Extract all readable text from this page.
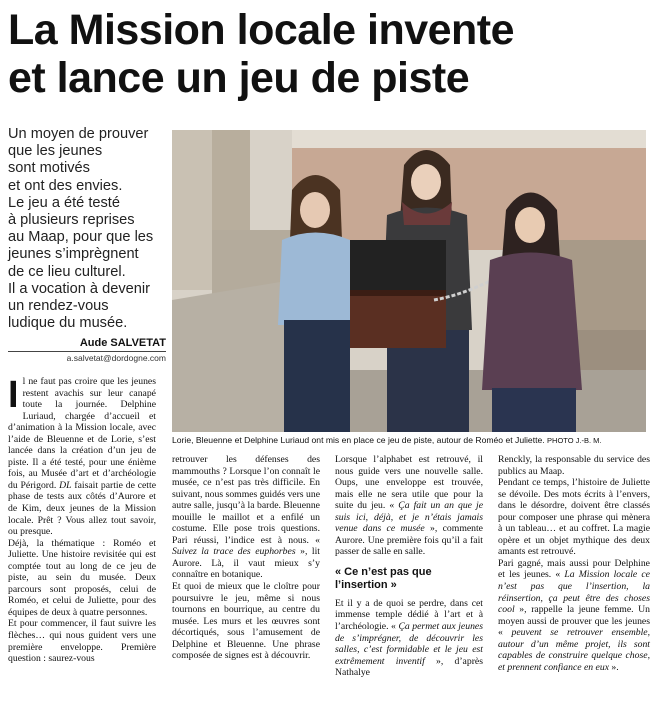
La Mission locale invente
et lance un jeu de piste
Un moyen de prouver
que les jeunes
sont motivés
et ont des envies.
Le jeu a été testé
à plusieurs reprises
au Maap, pour que les
jeunes s’imprègnent
de ce lieu culturel.
Il a vocation à devenir
un rendez-vous
ludique du musée.
Aude SALVETAT
a.salvetat@dordogne.com
Lorie, Bleuenne et Delphine Luriaud ont mis en place ce jeu de piste, autour de Roméo et Juliette. PHOTO J.-B. M.
I l ne faut pas croire que les jeunes restent avachis sur leur canapé toute la journée. Delphine Luriaud, chargée d’accueil et d’animation à la Mission locale, avec l’aide de Bleuenne et de Lorie, s’est lancée dans la création d’un jeu de piste. Il a été testé, pour une énième fois, au Musée d’art et d’archéologie du Périgord. DL faisait partie de cette phase de tests aux côtés d’Aurore et de Kim, deux jeunes de la Mission locale. Prêt ? Vous allez tout savoir, ou presque.

Déjà, la thématique : Roméo et Juliette. Une histoire revisitée qui est comptée tout au long de ce jeu de piste, au sein du musée. Deux parcours sont proposés, celui de Roméo, et celui de Juliette, pour des équipes de deux à quatre personnes.

Et pour commencer, il faut suivre les flèches… qui nous guident vers une première enveloppe. Première question : saurez-vous

retrouver les défenses des mammouths ? Lorsque l’on connaît le musée, ce n’est pas très difficile. En suivant, nous sommes guidés vers une autre salle, jusqu’à la barde. Bleuenne mouille le maillot et a enfilé un costume. Elle pose trois questions. Pari réussi, l’indice est à nous. « Suivez la trace des euphorbes », lit Aurore. Là, il vaut mieux s’y connaître en botanique.

Et quoi de mieux que le cloître pour poursuivre le jeu, même si nous tournons en bourrique, au centre du musée. Les murs et les œuvres sont décortiqués, sous l’amusement de Delphine et Bleuenne. Une phrase composée de signes est à découvrir.

Lorsque l’alphabet est retrouvé, il nous guide vers une nouvelle salle. Oups, une enveloppe est trouvée, mais elle ne sera utile que pour la suite du jeu. « Ça fait un an que je suis ici, déjà, et je n’étais jamais venue dans ce musée », commente Aurore. Une première fois qu’il a fait passer de salle en salle.

« Ce n’est pas que l’insertion »

Et il y a de quoi se perdre, dans cet immense temple dédié à l’art et à l’archéologie. « Ça permet aux jeunes de s’imprégner, de découvrir les salles, c’est formidable et le jeu est extrêmement inventif », d’après Nathalye

Renckly, la responsable du service des publics au Maap.

Pendant ce temps, l’histoire de Juliette se dévoile. Des mots écrits à l’envers, dans le désordre, doivent être classés pour composer une phrase qui mènera à un tableau… et au coffret. La magie opère et un objet mythique des deux amants est retrouvé.

Pari gagné, mais aussi pour Delphine et les jeunes. « La Mission locale ce n’est pas que l’insertion, la réinsertion, ça peut être des choses cool », rappelle la jeune femme. Un moyen aussi de prouver que les jeunes « peuvent se retrouver ensemble, autour d’un même projet, ils sont capables de construire quelque chose, et prennent confiance en eux ».
